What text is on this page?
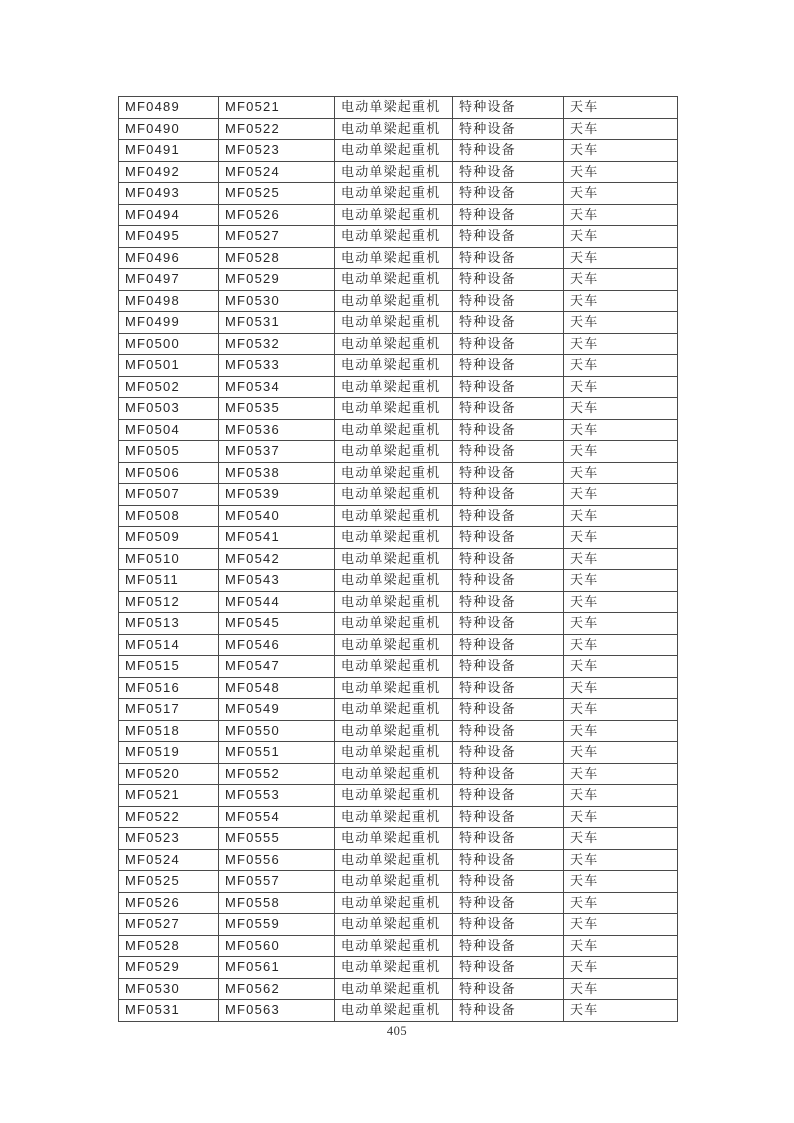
MF0489	MF0521	电动单梁起重机	特种设备	天车
MF0490	MF0522	电动单梁起重机	特种设备	天车
MF0491	MF0523	电动单梁起重机	特种设备	天车
MF0492	MF0524	电动单梁起重机	特种设备	天车
MF0493	MF0525	电动单梁起重机	特种设备	天车
MF0494	MF0526	电动单梁起重机	特种设备	天车
MF0495	MF0527	电动单梁起重机	特种设备	天车
MF0496	MF0528	电动单梁起重机	特种设备	天车
MF0497	MF0529	电动单梁起重机	特种设备	天车
MF0498	MF0530	电动单梁起重机	特种设备	天车
MF0499	MF0531	电动单梁起重机	特种设备	天车
MF0500	MF0532	电动单梁起重机	特种设备	天车
MF0501	MF0533	电动单梁起重机	特种设备	天车
MF0502	MF0534	电动单梁起重机	特种设备	天车
MF0503	MF0535	电动单梁起重机	特种设备	天车
MF0504	MF0536	电动单梁起重机	特种设备	天车
MF0505	MF0537	电动单梁起重机	特种设备	天车
MF0506	MF0538	电动单梁起重机	特种设备	天车
MF0507	MF0539	电动单梁起重机	特种设备	天车
MF0508	MF0540	电动单梁起重机	特种设备	天车
MF0509	MF0541	电动单梁起重机	特种设备	天车
MF0510	MF0542	电动单梁起重机	特种设备	天车
MF0511	MF0543	电动单梁起重机	特种设备	天车
MF0512	MF0544	电动单梁起重机	特种设备	天车
MF0513	MF0545	电动单梁起重机	特种设备	天车
MF0514	MF0546	电动单梁起重机	特种设备	天车
MF0515	MF0547	电动单梁起重机	特种设备	天车
MF0516	MF0548	电动单梁起重机	特种设备	天车
MF0517	MF0549	电动单梁起重机	特种设备	天车
MF0518	MF0550	电动单梁起重机	特种设备	天车
MF0519	MF0551	电动单梁起重机	特种设备	天车
MF0520	MF0552	电动单梁起重机	特种设备	天车
MF0521	MF0553	电动单梁起重机	特种设备	天车
MF0522	MF0554	电动单梁起重机	特种设备	天车
MF0523	MF0555	电动单梁起重机	特种设备	天车
MF0524	MF0556	电动单梁起重机	特种设备	天车
MF0525	MF0557	电动单梁起重机	特种设备	天车
MF0526	MF0558	电动单梁起重机	特种设备	天车
MF0527	MF0559	电动单梁起重机	特种设备	天车
MF0528	MF0560	电动单梁起重机	特种设备	天车
MF0529	MF0561	电动单梁起重机	特种设备	天车
MF0530	MF0562	电动单梁起重机	特种设备	天车
MF0531	MF0563	电动单梁起重机	特种设备	天车
405
